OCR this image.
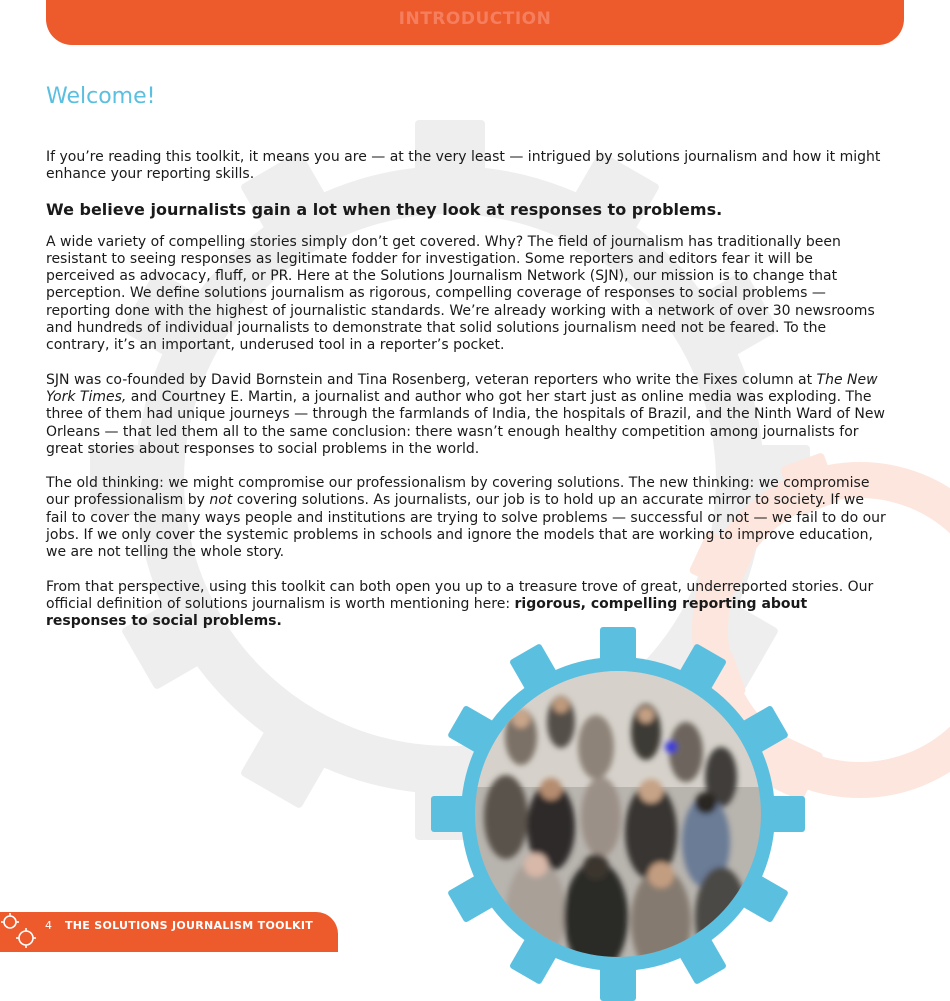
INTRODUCTION
Welcome!

If you’re reading this toolkit, it means you are — at the very least — intrigued by solutions journalism and how it might enhance your reporting skills.

We believe journalists gain a lot when they look at responses to problems.

A wide variety of compelling stories simply don’t get covered. Why? The field of journalism has traditionally been resistant to seeing responses as legitimate fodder for investigation. Some reporters and editors fear it will be perceived as advocacy, fluff, or PR. Here at the Solutions Journalism Network (SJN), our mission is to change that perception. We define solutions journalism as rigorous, compelling coverage of responses to social problems — reporting done with the highest of journalistic standards. We’re already working with a network of over 30 newsrooms and hundreds of individual journalists to demonstrate that solid solutions journalism need not be feared. To the contrary, it’s an important, underused tool in a reporter’s pocket.

SJN was co-founded by David Bornstein and Tina Rosenberg, veteran reporters who write the Fixes column at The New York Times, and Courtney E. Martin, a journalist and author who got her start just as online media was exploding. The three of them had unique journeys — through the farmlands of India, the hospitals of Brazil, and the Ninth Ward of New Orleans — that led them all to the same conclusion: there wasn’t enough healthy competition among journalists for great stories about responses to social problems in the world.

The old thinking: we might compromise our professionalism by covering solutions. The new thinking: we compromise our professionalism by not covering solutions. As journalists, our job is to hold up an accurate mirror to society. If we fail to cover the many ways people and institutions are trying to solve problems — successful or not — we fail to do our jobs. If we only cover the systemic problems in schools and ignore the models that are working to improve education, we are not telling the whole story.

From that perspective, using this toolkit can both open you up to a treasure trove of great, underreported stories. Our official definition of solutions journalism is worth mentioning here: rigorous, compelling reporting about responses to social problems.

4 THE SOLUTIONS JOURNALISM TOOLKIT
